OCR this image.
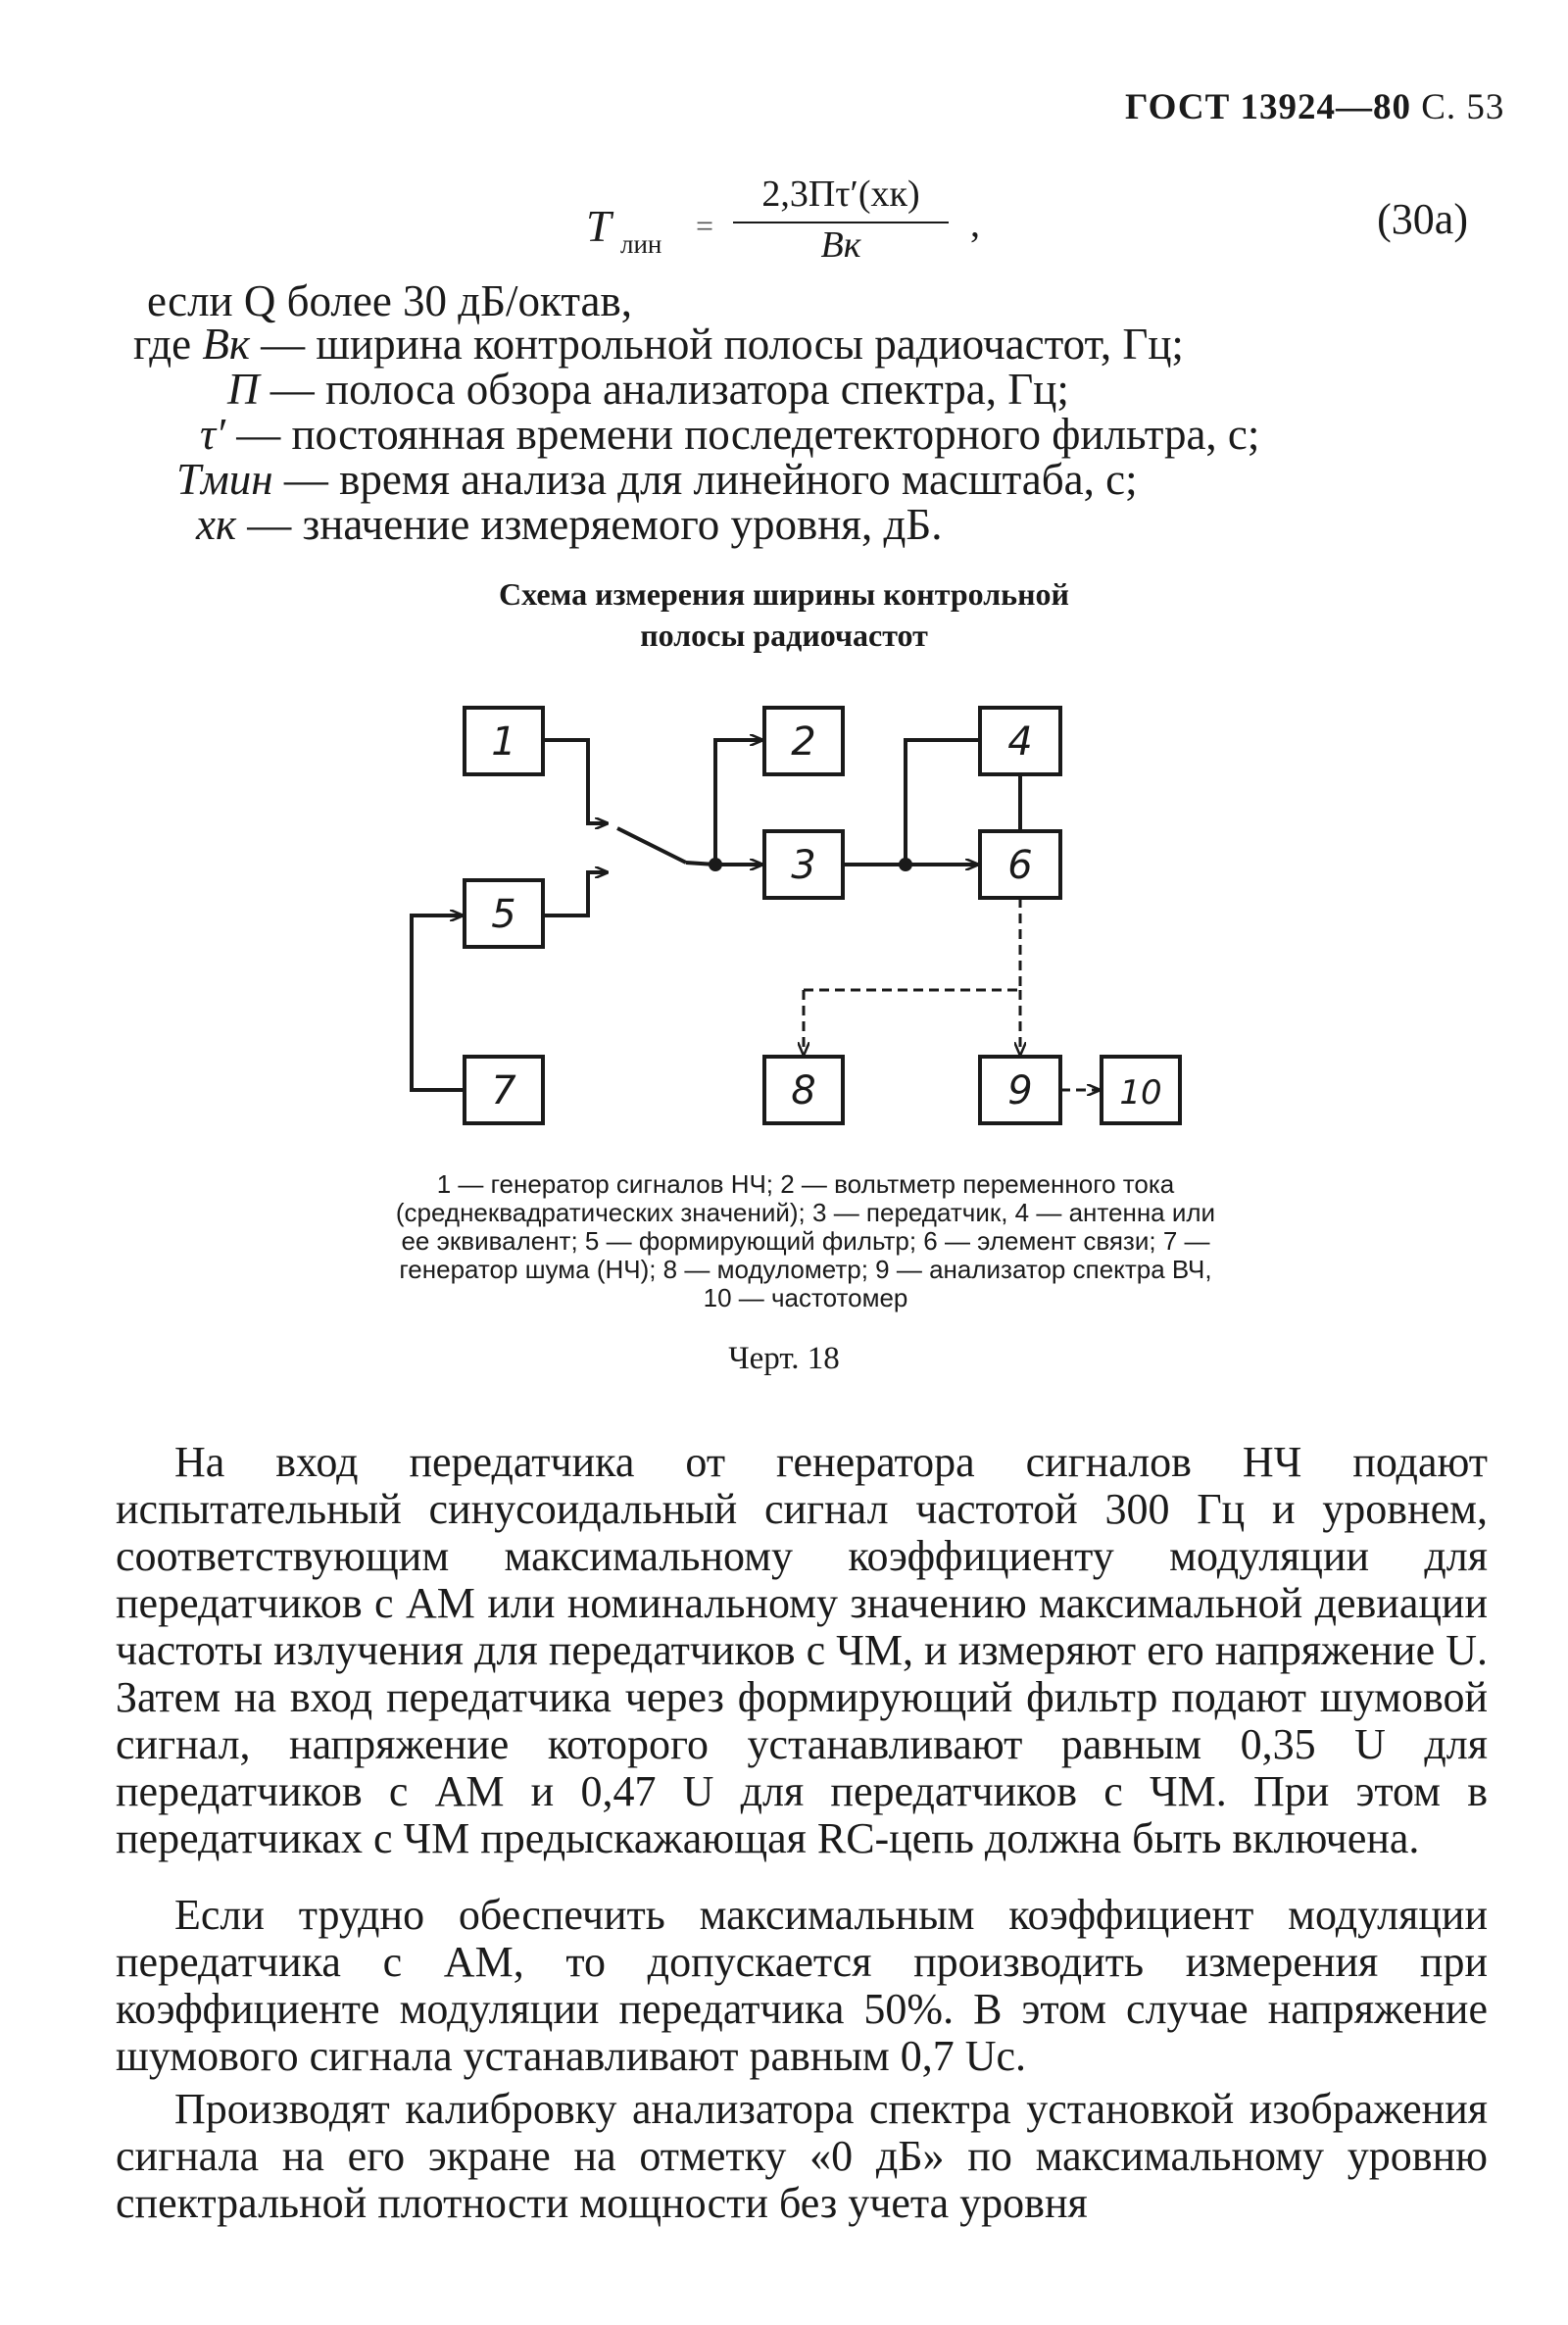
ГОСТ 13924—80 С. 53
T лин
=
2,3Пτ′(xк)
Bк	,	(30а)
если Q более 30 дБ/октав,
где Bк — ширина контрольной полосы радиочастот, Гц;
П — полоса обзора анализатора спектра, Гц;
τ′ — постоянная времени последетекторного фильтра, с;
Tмин — время анализа для линейного масштаба, с;
xк — значение измеряемого уровня, дБ.
Схема измерения ширины контрольной
полосы радиочастот
1	2
3
4
5
6
7	8	9	10
1 — генератор сигналов НЧ; 2 — вольтметр переменного тока (среднеквадратических значений); 3 — передатчик, 4 — антенна или ее эквивалент; 5 — формирующий фильтр; 6 — элемент связи; 7 — генератор шума (НЧ); 8 — модулометр; 9 — анализатор спектра ВЧ, 10 — частотомер
Черт. 18
На вход передатчика от генератора сигналов НЧ подают испытательный синусоидальный сигнал частотой 300 Гц и уровнем, соответствующим максимальному коэффициенту модуляции для передатчиков с АМ или номинальному значению максимальной девиации частоты излучения для передатчиков с ЧМ, и измеряют его напряжение U. Затем на вход передатчика через формирующий фильтр подают шумовой сигнал, напряжение которого устанавливают равным 0,35 U для передатчиков с АМ и 0,47 U для передатчиков с ЧМ. При этом в передатчиках с ЧМ предыскажающая RC-цепь должна быть включена.
Если трудно обеспечить максимальным коэффициент модуляции передатчика с АМ, то допускается производить измерения при коэффициенте модуляции передатчика 50%. В этом случае напряжение шумового сигнала устанавливают равным 0,7 Uc.
Производят калибровку анализатора спектра установкой изображения сигнала на его экране на отметку «0 дБ» по максимальному уровню спектральной плотности мощности без учета уровня
